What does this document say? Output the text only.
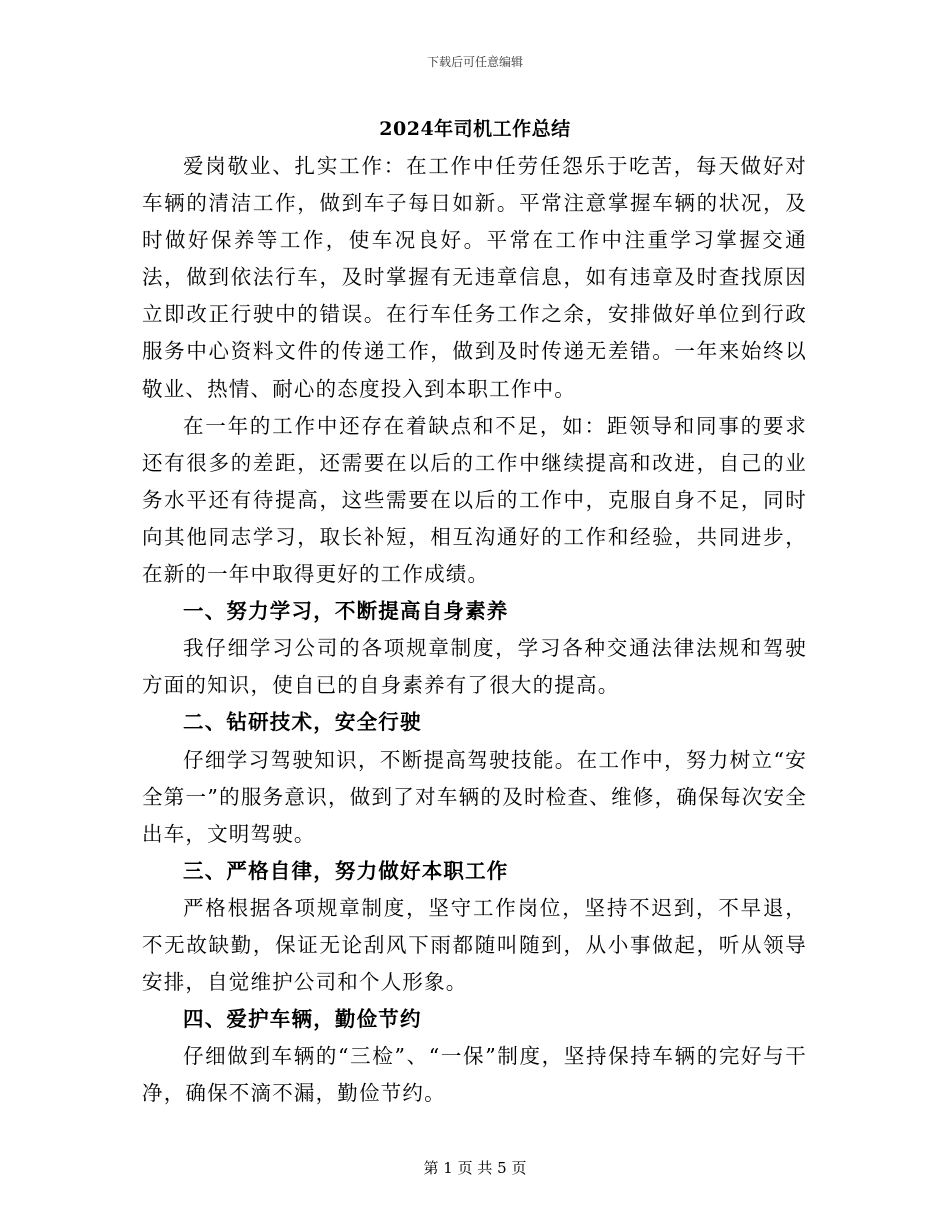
下载后可任意编辑
2024年司机工作总结

爱岗敬业、扎实工作：在工作中任劳任怨乐于吃苦，每天做好对车辆的清洁工作，做到车子每日如新。平常注意掌握车辆的状况，及时做好保养等工作，使车况良好。平常在工作中注重学习掌握交通法，做到依法行车，及时掌握有无违章信息，如有违章及时查找原因立即改正行驶中的错误。在行车任务工作之余，安排做好单位到行政服务中心资料文件的传递工作，做到及时传递无差错。一年来始终以敬业、热情、耐心的态度投入到本职工作中。

在一年的工作中还存在着缺点和不足，如：距领导和同事的要求还有很多的差距，还需要在以后的工作中继续提高和改进，自己的业务水平还有待提高，这些需要在以后的工作中，克服自身不足，同时向其他同志学习，取长补短，相互沟通好的工作和经验，共同进步，在新的一年中取得更好的工作成绩。

一、努力学习，不断提高自身素养

我仔细学习公司的各项规章制度，学习各种交通法律法规和驾驶方面的知识，使自已的自身素养有了很大的提高。

二、钻研技术，安全行驶

仔细学习驾驶知识，不断提高驾驶技能。在工作中，努力树立“安全第一”的服务意识，做到了对车辆的及时检查、维修，确保每次安全出车，文明驾驶。

三、严格自律，努力做好本职工作

严格根据各项规章制度，坚守工作岗位，坚持不迟到，不早退，不无故缺勤，保证无论刮风下雨都随叫随到，从小事做起，听从领导安排，自觉维护公司和个人形象。

四、爱护车辆，勤俭节约

仔细做到车辆的“三检”、“一保”制度，坚持保持车辆的完好与干净，确保不滴不漏，勤俭节约。

第 1 页 共 5 页
